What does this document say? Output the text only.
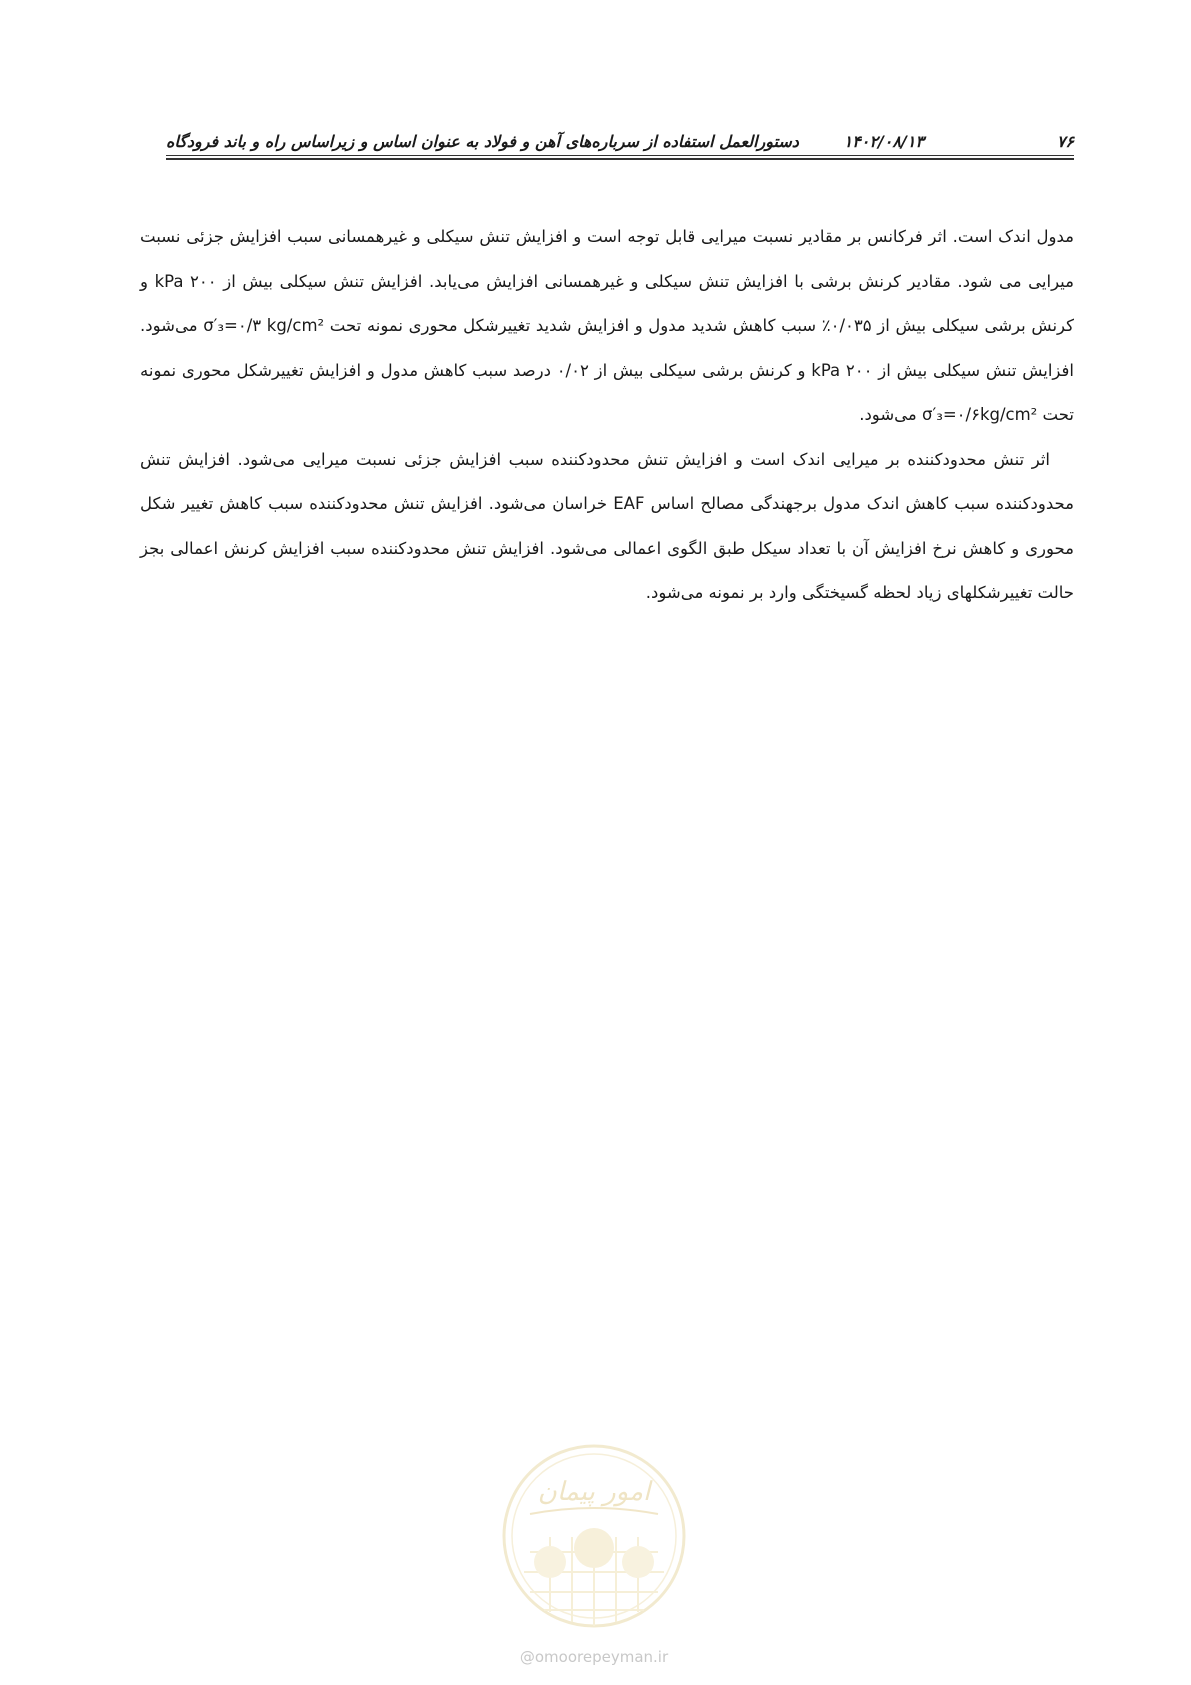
۷۶
۱۴۰۲/۰۸/۱۳
دستورالعمل استفاده از سرباره‌های آهن و فولاد به عنوان اساس و زیراساس راه و باند فرودگاه

مدول اندک است. اثر فرکانس بر مقادیر نسبت میرایی قابل توجه است و افزایش تنش سیکلی و غیرهمسانی سبب افزایش جزئی نسبت میرایی می شود. مقادیر کرنش برشی با افزایش تنش سیکلی و غیرهمسانی افزایش می‌یابد. افزایش تنش سیکلی بیش از kPa ۲۰۰ و کرنش برشی سیکلی بیش از ۰/۰۳۵٪ سبب کاهش شدید مدول و افزایش شدید تغییرشکل محوری نمونه تحت σ′₃=۰/۳ kg/cm² می‌شود. افزایش تنش سیکلی بیش از kPa ۲۰۰ و کرنش برشی سیکلی بیش از ۰/۰۲ درصد سبب کاهش مدول و افزایش تغییرشکل محوری نمونه تحت σ′₃=۰/۶kg/cm² می‌شود.

اثر تنش محدودکننده بر میرایی اندک است و افزایش تنش محدودکننده سبب افزایش جزئی نسبت میرایی می‌شود. افزایش تنش محدودکننده سبب کاهش اندک مدول برجهندگی مصالح اساس EAF خراسان می‌شود. افزایش تنش محدودکننده سبب کاهش تغییر شکل محوری و کاهش نرخ افزایش آن با تعداد سیکل طبق الگوی اعمالی می‌شود. افزایش تنش محدودکننده سبب افزایش کرنش اعمالی بجز حالت تغییرشکلهای زیاد لحظه گسیختگی وارد بر نمونه می‌شود.

امور پیمان
@omoorepeyman.ir
